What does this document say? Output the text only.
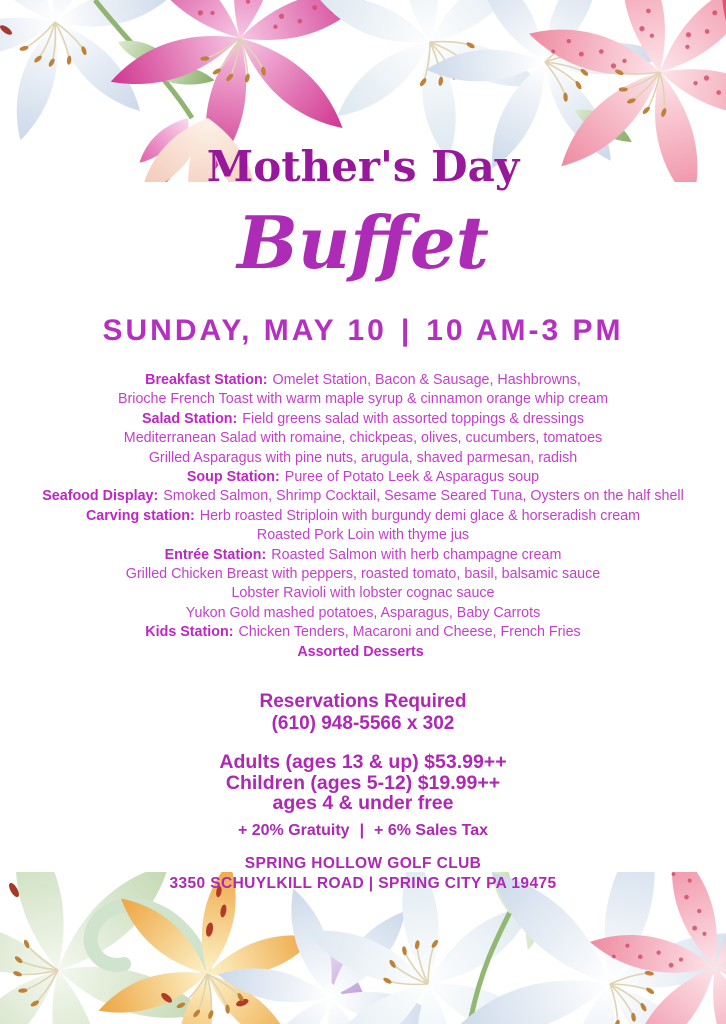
Mother's Day
Buffet
SUNDAY, MAY 10 | 10 AM-3 PM
Breakfast Station: Omelet Station, Bacon & Sausage, Hashbrowns,
Brioche French Toast with warm maple syrup & cinnamon orange whip cream
Salad Station: Field greens salad with assorted toppings & dressings
Mediterranean Salad with romaine, chickpeas, olives, cucumbers, tomatoes
Grilled Asparagus with pine nuts, arugula, shaved parmesan, radish
Soup Station: Puree of Potato Leek & Asparagus soup
Seafood Display: Smoked Salmon, Shrimp Cocktail, Sesame Seared Tuna, Oysters on the half shell
Carving station: Herb roasted Striploin with burgundy demi glace & horseradish cream
Roasted Pork Loin with thyme jus
Entrée Station: Roasted Salmon with herb champagne cream
Grilled Chicken Breast with peppers, roasted tomato, basil, balsamic sauce
Lobster Ravioli with lobster cognac sauce
Yukon Gold mashed potatoes, Asparagus, Baby Carrots
Kids Station: Chicken Tenders, Macaroni and Cheese, French Fries
Assorted Desserts
Reservations Required
(610) 948-5566 x 302
Adults (ages 13 & up) $53.99++
Children (ages 5-12) $19.99++
ages 4 & under free
+ 20% Gratuity | + 6% Sales Tax
SPRING HOLLOW GOLF CLUB
3350 SCHUYLKILL ROAD | SPRING CITY PA 19475
